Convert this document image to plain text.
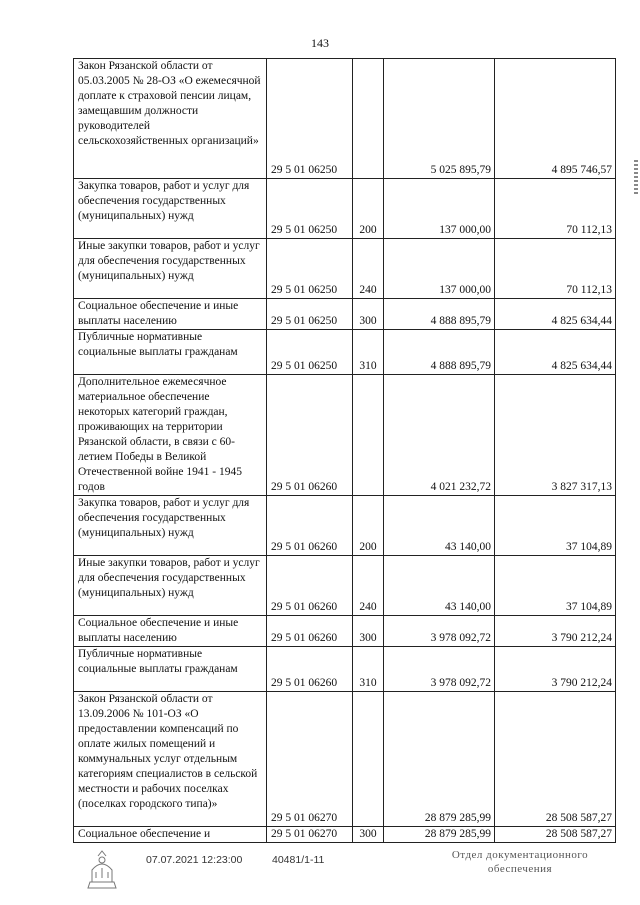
143
Закон Рязанской области от 05.03.2005 № 28-ОЗ «О ежемесячной доплате к страховой пенсии лицам, замещавшим должности руководителей сельскохозяйственных организаций»	29 5 01 06250		5 025 895,79	4 895 746,57
Закупка товаров, работ и услуг для обеспечения государственных (муниципальных) нужд	29 5 01 06250	200	137 000,00	70 112,13
Иные закупки товаров, работ и услуг для обеспечения государственных (муниципальных) нужд	29 5 01 06250	240	137 000,00	70 112,13
Социальное обеспечение и иные выплаты населению	29 5 01 06250	300	4 888 895,79	4 825 634,44
Публичные нормативные социальные выплаты гражданам	29 5 01 06250	310	4 888 895,79	4 825 634,44
Дополнительное ежемесячное материальное обеспечение некоторых категорий граждан, проживающих на территории Рязанской области, в связи с 60-летием Победы в Великой Отечественной войне 1941 - 1945 годов	29 5 01 06260		4 021 232,72	3 827 317,13
Закупка товаров, работ и услуг для обеспечения государственных (муниципальных) нужд	29 5 01 06260	200	43 140,00	37 104,89
Иные закупки товаров, работ и услуг для обеспечения государственных (муниципальных) нужд	29 5 01 06260	240	43 140,00	37 104,89
Социальное обеспечение и иные выплаты населению	29 5 01 06260	300	3 978 092,72	3 790 212,24
Публичные нормативные социальные выплаты гражданам	29 5 01 06260	310	3 978 092,72	3 790 212,24
Закон Рязанской области от 13.09.2006 № 101-ОЗ «О предоставлении компенсаций по оплате жилых помещений и коммунальных услуг отдельным категориям специалистов в сельской местности и рабочих поселках (поселках городского типа)»	29 5 01 06270		28 879 285,99	28 508 587,27
Социальное обеспечение и	29 5 01 06270	300	28 879 285,99	28 508 587,27
07.07.2021 12:23:00	40481/1-11	Отдел документационного
обеспечения
